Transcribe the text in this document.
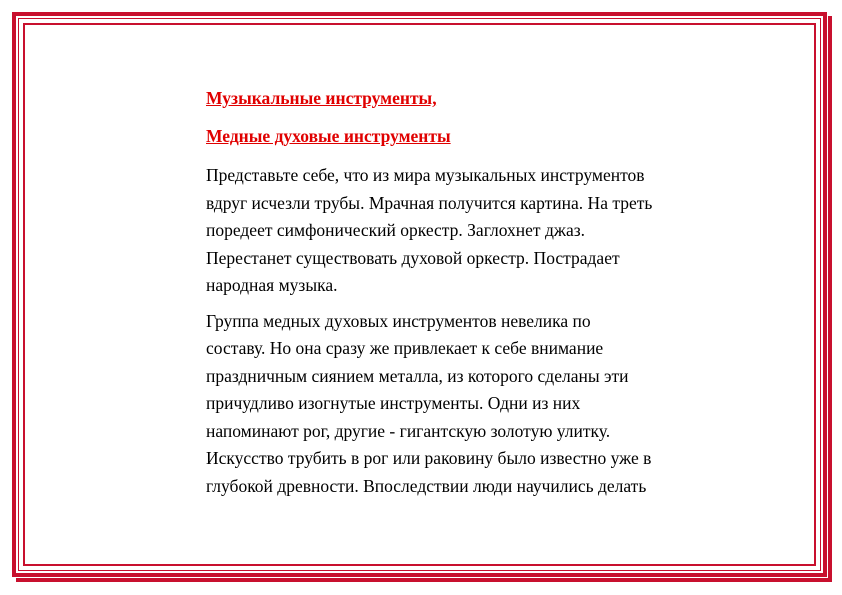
Музыкальные инструменты,
Медные духовые инструменты
Представьте себе, что из мира музыкальных инструментов
вдруг исчезли трубы. Мрачная получится картина. На треть
поредеет симфонический оркестр. Заглохнет джаз.
Перестанет существовать духовой оркестр. Пострадает
народная музыка.
Группа медных духовых инструментов невелика по
составу. Но она сразу же привлекает к себе внимание
праздничным сиянием металла, из которого сделаны эти
причудливо изогнутые инструменты. Одни из них
напоминают рог, другие - гигантскую золотую улитку.
Искусство трубить в рог или раковину было известно уже в
глубокой древности. Впоследствии люди научились делать
